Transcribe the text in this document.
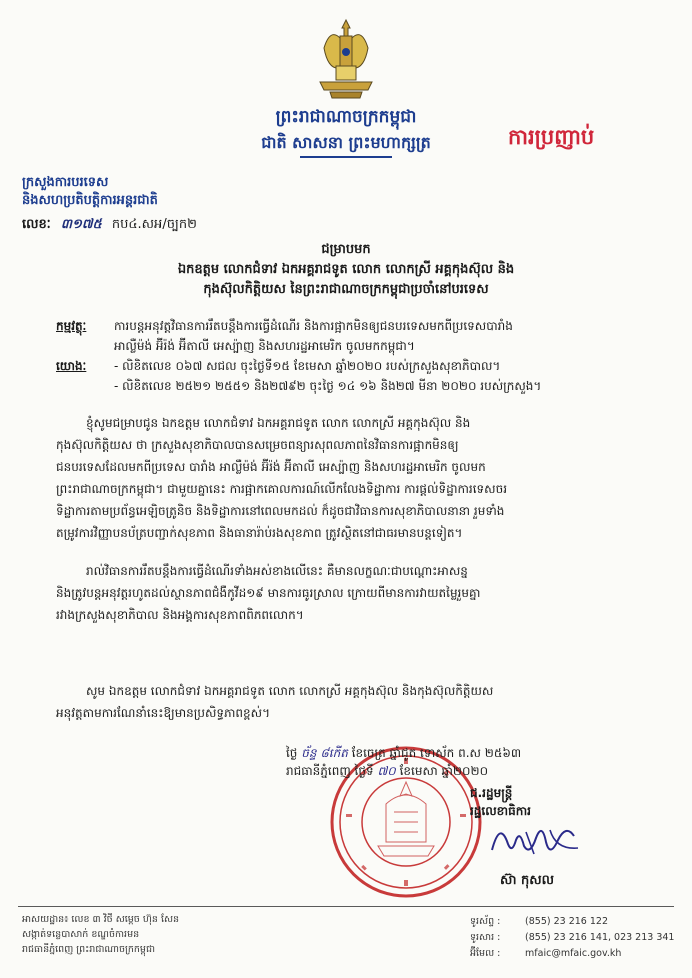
ព្រះរាជាណាចក្រកម្ពុជា
ជាតិ សាសនា ព្រះមហាក្សត្រ	ការប្រញាប់
ក្រសួងការបរទេស
និងសហប្រតិបត្តិការអន្តរជាតិ
លេខៈ ៣១៧៥ កប៤.សអ/ច្បក២
ជម្រាបមក
ឯកឧត្តម លោកជំទាវ ឯកអគ្គរាជទូត លោក លោកស្រី អគ្គកុងស៊ុល និង
កុងស៊ុលកិត្តិយស នៃព្រះរាជាណាចក្រកម្ពុជាប្រចាំនៅបរទេស
កម្មវត្ថុៈ	ការបន្តអនុវត្តវិធានការរឹតបន្តឹងការធ្វើដំណើរ និងការផ្អាកមិនឲ្យជនបរទេសមកពីប្រទេសបារាំង
អាល្លឺម៉ង់ អ៊ីរ៉ង់ អ៊ីតាលី អេស្ប៉ាញ និងសហរដ្ឋអាមេរិក ចូលមកកម្ពុជា។
យោងៈ	- លិខិតលេខ ០៦៧ សជល ចុះថ្ងៃទី១៥ ខែមេសា ឆ្នាំ២០២០ របស់ក្រសួងសុខាភិបាល។
- លិខិតលេខ ២៥២១ ២៥៥១ និង២៧៩២ ចុះថ្ងៃ ១៤ ១៦ និង២៧ មីនា ២០២០ របស់ក្រសួង។
ខ្ញុំសូមជម្រាបជូន ឯកឧត្តម លោកជំទាវ ឯកអគ្គរាជទូត លោក លោកស្រី អគ្គកុងស៊ុល និង
កុងស៊ុលកិត្តិយស ថា ក្រសួងសុខាភិបាលបានសម្រេចពន្យារសុពលភាពនៃវិធានការផ្អាកមិនឲ្យ
ជនបរទេសដែលមកពីប្រទេស បារាំង អាល្លឺម៉ង់ អ៊ីរ៉ង់ អ៊ីតាលី អេស្ប៉ាញ និងសហរដ្ឋអាមេរិក ចូលមក
ព្រះរាជាណាចក្រកម្ពុជា។ ជាមួយគ្នានេះ ការផ្អាកគោលការណ៍លើកលែងទិដ្ឋាការ ការផ្តល់ទិដ្ឋាការទេសចរ
ទិដ្ឋាការតាមប្រព័ន្ធអេឡិចត្រូនិច និងទិដ្ឋាការនៅពេលមកដល់ ក៏ដូចជាវិធានការសុខាភិបាលនានា រួមទាំង
តម្រូវការវិញ្ញាបនប័ត្របញ្ជាក់សុខភាព និងធានារ៉ាប់រងសុខភាព ត្រូវស្ថិតនៅជាធរមានបន្តទៀត។
រាល់វិធានការរឹតបន្តឹងការធ្វើដំណើរទាំងអស់ខាងលើនេះ គឺមានលក្ខណៈជាបណ្តោះអាសន្ន
និងត្រូវបន្តអនុវត្តរហូតដល់ស្ថានភាពជំងឺកូវីដ១៩ មានការធូរស្រាល ក្រោយពីមានការវាយតម្លៃរួមគ្នា
រវាងក្រសួងសុខាភិបាល និងអង្គការសុខភាពពិភពលោក។
សូម ឯកឧត្តម លោកជំទាវ ឯកអគ្គរាជទូត លោក លោកស្រី អគ្គកុងស៊ុល និងកុងស៊ុលកិត្តិយស
អនុវត្តតាមការណែនាំនេះឱ្យមានប្រសិទ្ធភាពខ្ពស់។
ថ្ងៃ ច័ន្ទ ៨កើត ខែចេត្រ ឆ្នាំជូត ទោស័ក ព.ស ២៥៦៣
រាជធានីភ្នំពេញ ថ្ងៃទី ៧០ ខែមេសា ឆ្នាំ២០២០
ជ.រដ្ឋមន្ត្រី
រដ្ឋលេខាធិការ
ស៊ា កុសល
អាសយដ្ឋាន៖ លេខ ៣ វិថី សម្តេច ហ៊ុន សែន
សង្កាត់ទន្លេបាសាក់ ខណ្ឌចំការមន
រាជធានីភ្នំពេញ ព្រះរាជាណាចក្រកម្ពុជា
ទូរស័ព្ទ :	(855) 23 216 122
ទូរសារ :	(855) 23 216 141, 023 213 341
អ៊ីមែល :	mfaic@mfaic.gov.kh
